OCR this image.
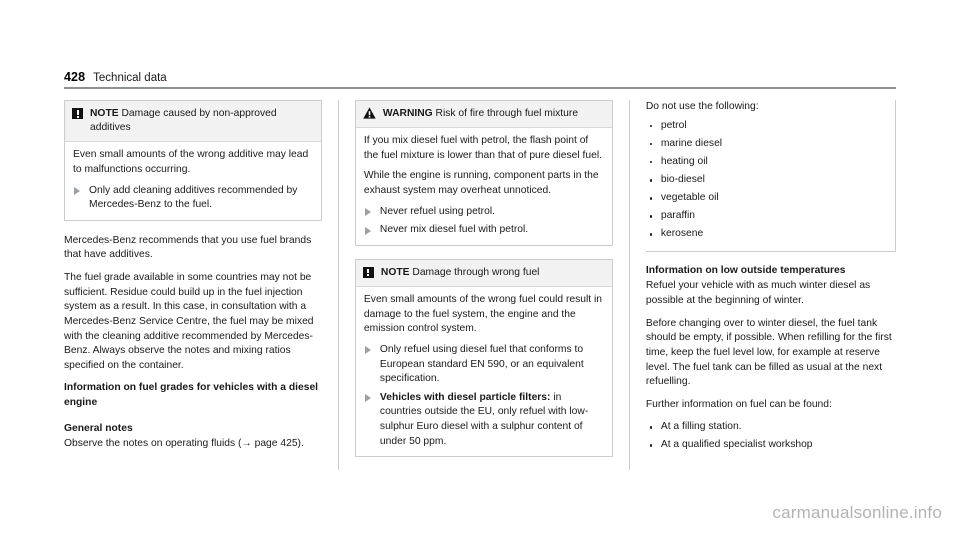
428 Technical data
NOTE Damage caused by non-approved additives

Even small amounts of the wrong additive may lead to malfunctions occurring.

Only add cleaning additives recommended by Mercedes-Benz to the fuel.

Mercedes-Benz recommends that you use fuel brands that have additives.

The fuel grade available in some countries may not be sufficient. Residue could build up in the fuel injection system as a result. In this case, in consultation with a Mercedes-Benz Service Centre, the fuel may be mixed with the cleaning additive recommended by Mercedes-Benz. Always observe the notes and mixing ratios specified on the container.

Information on fuel grades for vehicles with a diesel engine

General notes

Observe the notes on operating fluids (→ page 425).

WARNING Risk of fire through fuel mixture

If you mix diesel fuel with petrol, the flash point of the fuel mixture is lower than that of pure diesel fuel.

While the engine is running, component parts in the exhaust system may overheat unnoticed.

Never refuel using petrol.
Never mix diesel fuel with petrol.
NOTE Damage through wrong fuel

Even small amounts of the wrong fuel could result in damage to the fuel system, the engine and the emission control system.

Only refuel using diesel fuel that conforms to European standard EN 590, or an equivalent specification.
Vehicles with diesel particle filters: in countries outside the EU, only refuel with low-sulphur Euro diesel with a sulphur content of under 50 ppm.

Do not use the following:

petrol
marine diesel
heating oil
bio-diesel
vegetable oil
paraffin
kerosene

Information on low outside temperatures

Refuel your vehicle with as much winter diesel as possible at the beginning of winter.

Before changing over to winter diesel, the fuel tank should be empty, if possible. When refilling for the first time, keep the fuel level low, for example at reserve level. The fuel tank can be filled as usual at the next refuelling.

Further information on fuel can be found:

At a filling station.
At a qualified specialist workshop
carmanualsonline.info
